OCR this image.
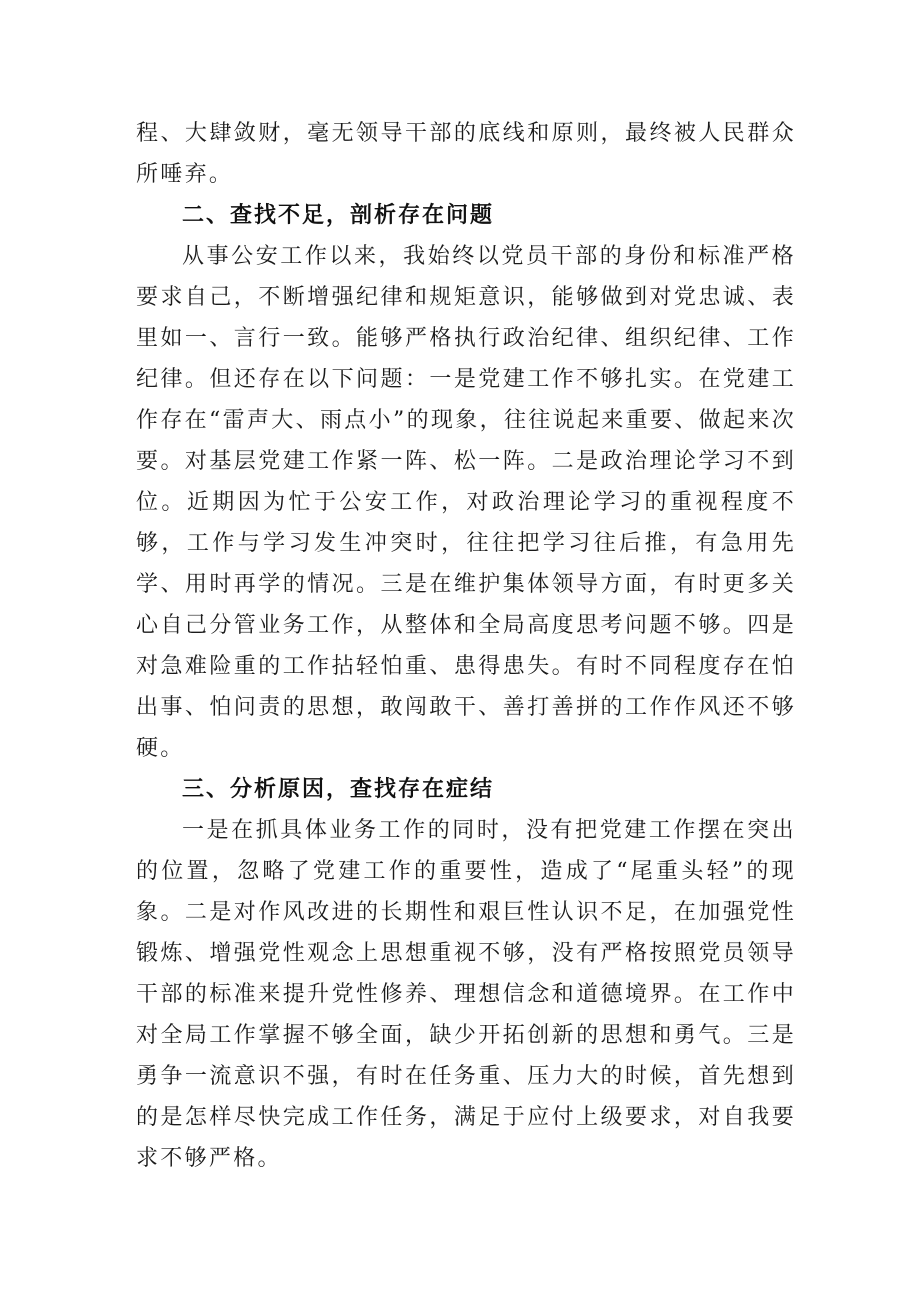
程、大肆敛财，毫无领导干部的底线和原则，最终被人民群众所唾弃。

二、查找不足，剖析存在问题

从事公安工作以来，我始终以党员干部的身份和标准严格要求自己，不断增强纪律和规矩意识，能够做到对党忠诚、表里如一、言行一致。能够严格执行政治纪律、组织纪律、工作纪律。但还存在以下问题：一是党建工作不够扎实。在党建工作存在“雷声大、雨点小”的现象，往往说起来重要、做起来次要。对基层党建工作紧一阵、松一阵。二是政治理论学习不到位。近期因为忙于公安工作，对政治理论学习的重视程度不够，工作与学习发生冲突时，往往把学习往后推，有急用先学、用时再学的情况。三是在维护集体领导方面，有时更多关心自己分管业务工作，从整体和全局高度思考问题不够。四是对急难险重的工作拈轻怕重、患得患失。有时不同程度存在怕出事、怕问责的思想，敢闯敢干、善打善拼的工作作风还不够硬。

三、分析原因，查找存在症结

一是在抓具体业务工作的同时，没有把党建工作摆在突出的位置，忽略了党建工作的重要性，造成了“尾重头轻”的现象。二是对作风改进的长期性和艰巨性认识不足，在加强党性锻炼、增强党性观念上思想重视不够，没有严格按照党员领导干部的标准来提升党性修养、理想信念和道德境界。在工作中对全局工作掌握不够全面，缺少开拓创新的思想和勇气。三是勇争一流意识不强，有时在任务重、压力大的时候，首先想到的是怎样尽快完成工作任务，满足于应付上级要求，对自我要求不够严格。
